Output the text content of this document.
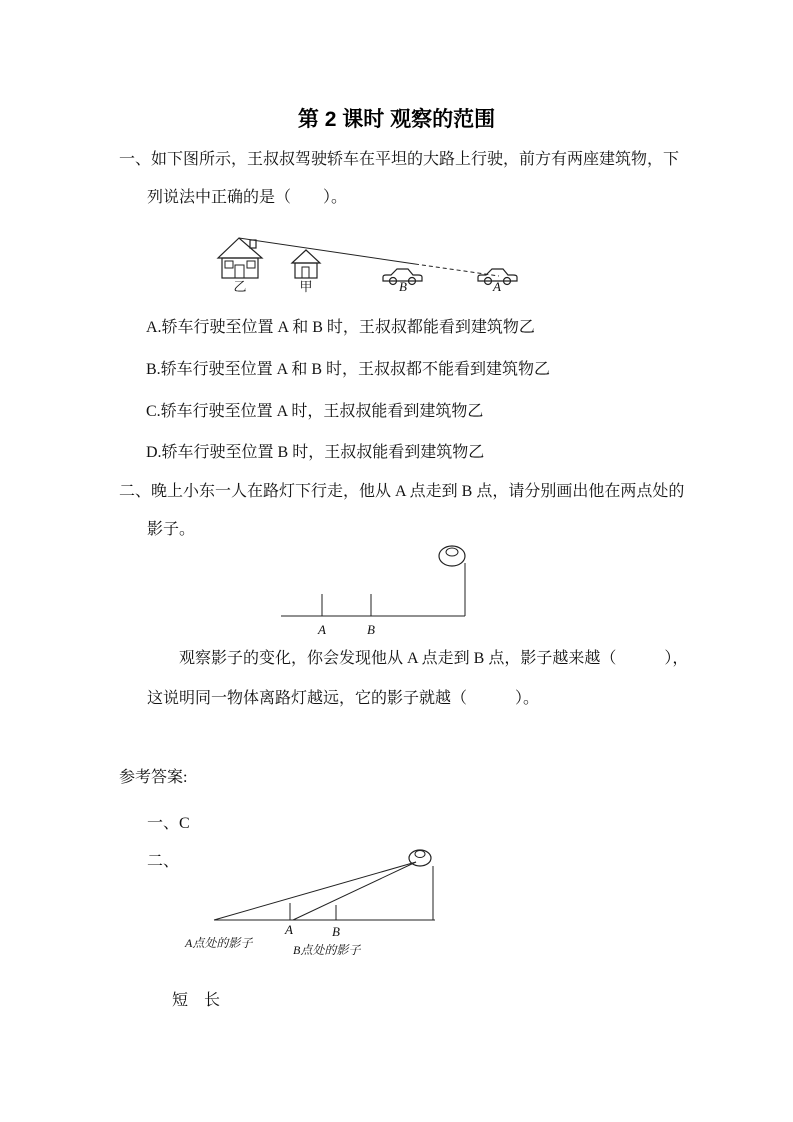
第 2 课时 观察的范围
一、如下图所示，王叔叔驾驶轿车在平坦的大路上行驶，前方有两座建筑物，下
列说法中正确的是（　　）。
乙	甲	B	A
A.轿车行驶至位置 A 和 B 时，王叔叔都能看到建筑物乙
B.轿车行驶至位置 A 和 B 时，王叔叔都不能看到建筑物乙
C.轿车行驶至位置 A 时，王叔叔能看到建筑物乙
D.轿车行驶至位置 B 时，王叔叔能看到建筑物乙
二、晚上小东一人在路灯下行走，他从 A 点走到 B 点，请分别画出他在两点处的
影子。
A	B
观察影子的变化，你会发现他从 A 点走到 B 点，影子越来越（　　　），
这说明同一物体离路灯越远，它的影子就越（　　　）。
参考答案:
一、C
二、
A	B
A点处的影子	B点处的影子
短　长
